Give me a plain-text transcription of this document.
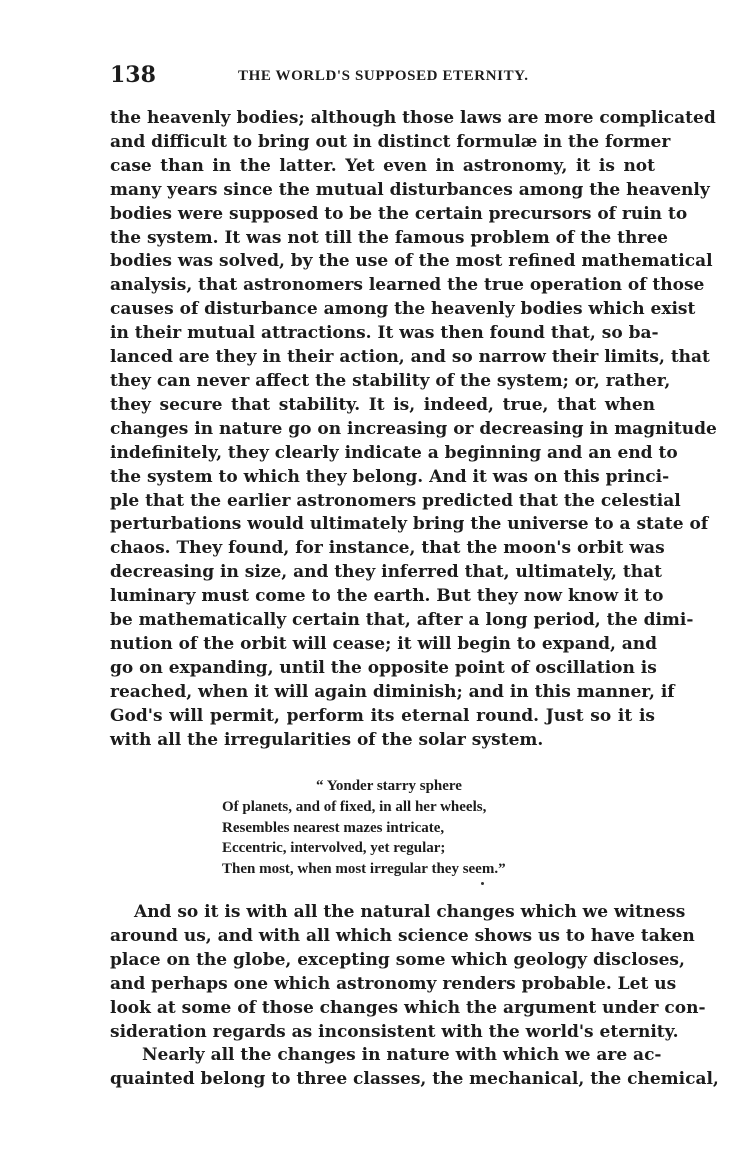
138	THE WORLD'S SUPPOSED ETERNITY.
the heavenly bodies; although those laws are more complicated
and difficult to bring out in distinct formulæ in the former
case than in the latter. Yet even in astronomy, it is not
many years since the mutual disturbances among the heavenly
bodies were supposed to be the certain precursors of ruin to
the system. It was not till the famous problem of the three
bodies was solved, by the use of the most refined mathematical
analysis, that astronomers learned the true operation of those
causes of disturbance among the heavenly bodies which exist
in their mutual attractions. It was then found that, so ba-
lanced are they in their action, and so narrow their limits, that
they can never affect the stability of the system; or, rather,
they secure that stability. It is, indeed, true, that when
changes in nature go on increasing or decreasing in magnitude
indefinitely, they clearly indicate a beginning and an end to
the system to which they belong. And it was on this princi-
ple that the earlier astronomers predicted that the celestial
perturbations would ultimately bring the universe to a state of
chaos. They found, for instance, that the moon's orbit was
decreasing in size, and they inferred that, ultimately, that
luminary must come to the earth. But they now know it to
be mathematically certain that, after a long period, the dimi-
nution of the orbit will cease; it will begin to expand, and
go on expanding, until the opposite point of oscillation is
reached, when it will again diminish; and in this manner, if
God's will permit, perform its eternal round. Just so it is
with all the irregularities of the solar system.
“ Yonder starry sphere
Of planets, and of fixed, in all her wheels,
Resembles nearest mazes intricate,
Eccentric, intervolved, yet regular;
Then most, when most irregular they seem.”
And so it is with all the natural changes which we witness
around us, and with all which science shows us to have taken
place on the globe, excepting some which geology discloses,
and perhaps one which astronomy renders probable. Let us
look at some of those changes which the argument under con-
sideration regards as inconsistent with the world's eternity.
Nearly all the changes in nature with which we are ac-
quainted belong to three classes, the mechanical, the chemical,
